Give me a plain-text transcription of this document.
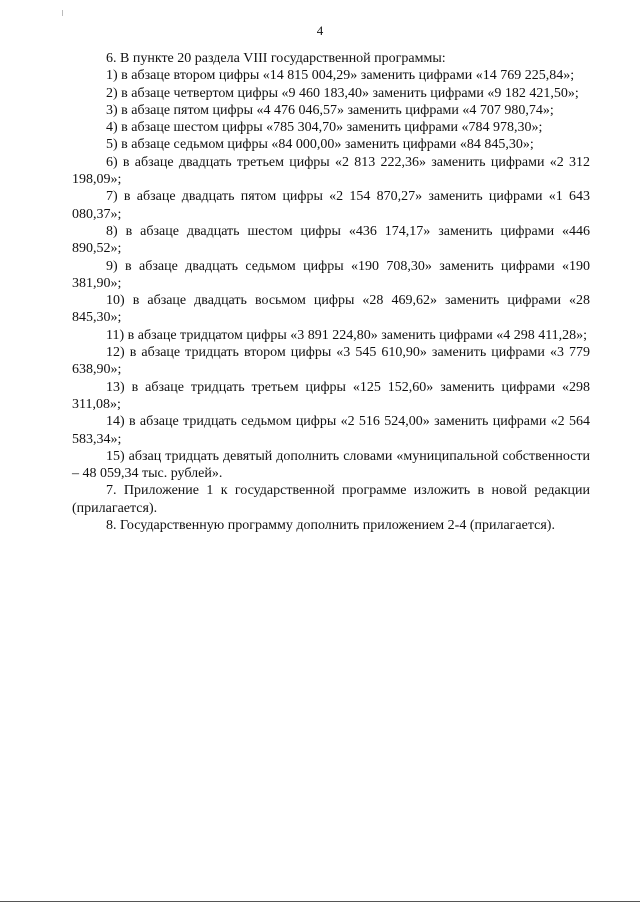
4

6. В пункте 20 раздела VIII государственной программы:

1) в абзаце втором цифры «14 815 004,29» заменить цифрами «14 769 225,84»;

2) в абзаце четвертом цифры «9 460 183,40» заменить цифрами «9 182 421,50»;

3) в абзаце пятом цифры «4 476 046,57» заменить цифрами «4 707 980,74»;

4) в абзаце шестом цифры «785 304,70» заменить цифрами «784 978,30»;

5) в абзаце седьмом цифры «84 000,00» заменить цифрами «84 845,30»;

6) в абзаце двадцать третьем цифры «2 813 222,36» заменить цифрами «2 312 198,09»;

7) в абзаце двадцать пятом цифры «2 154 870,27» заменить цифрами «1 643 080,37»;

8) в абзаце двадцать шестом цифры «436 174,17» заменить цифрами «446 890,52»;

9) в абзаце двадцать седьмом цифры «190 708,30» заменить цифрами «190 381,90»;

10) в абзаце двадцать восьмом цифры «28 469,62» заменить цифрами «28 845,30»;

11) в абзаце тридцатом цифры «3 891 224,80» заменить цифрами «4 298 411,28»;

12) в абзаце тридцать втором цифры «3 545 610,90» заменить цифрами «3 779 638,90»;

13) в абзаце тридцать третьем цифры «125 152,60» заменить цифрами «298 311,08»;

14) в абзаце тридцать седьмом цифры «2 516 524,00» заменить цифрами «2 564 583,34»;

15) абзац тридцать девятый дополнить словами «муниципальной собственности – 48 059,34 тыс. рублей».

7. Приложение 1 к государственной программе изложить в новой редакции (прилагается).

8. Государственную программу дополнить приложением 2-4 (прилагается).
